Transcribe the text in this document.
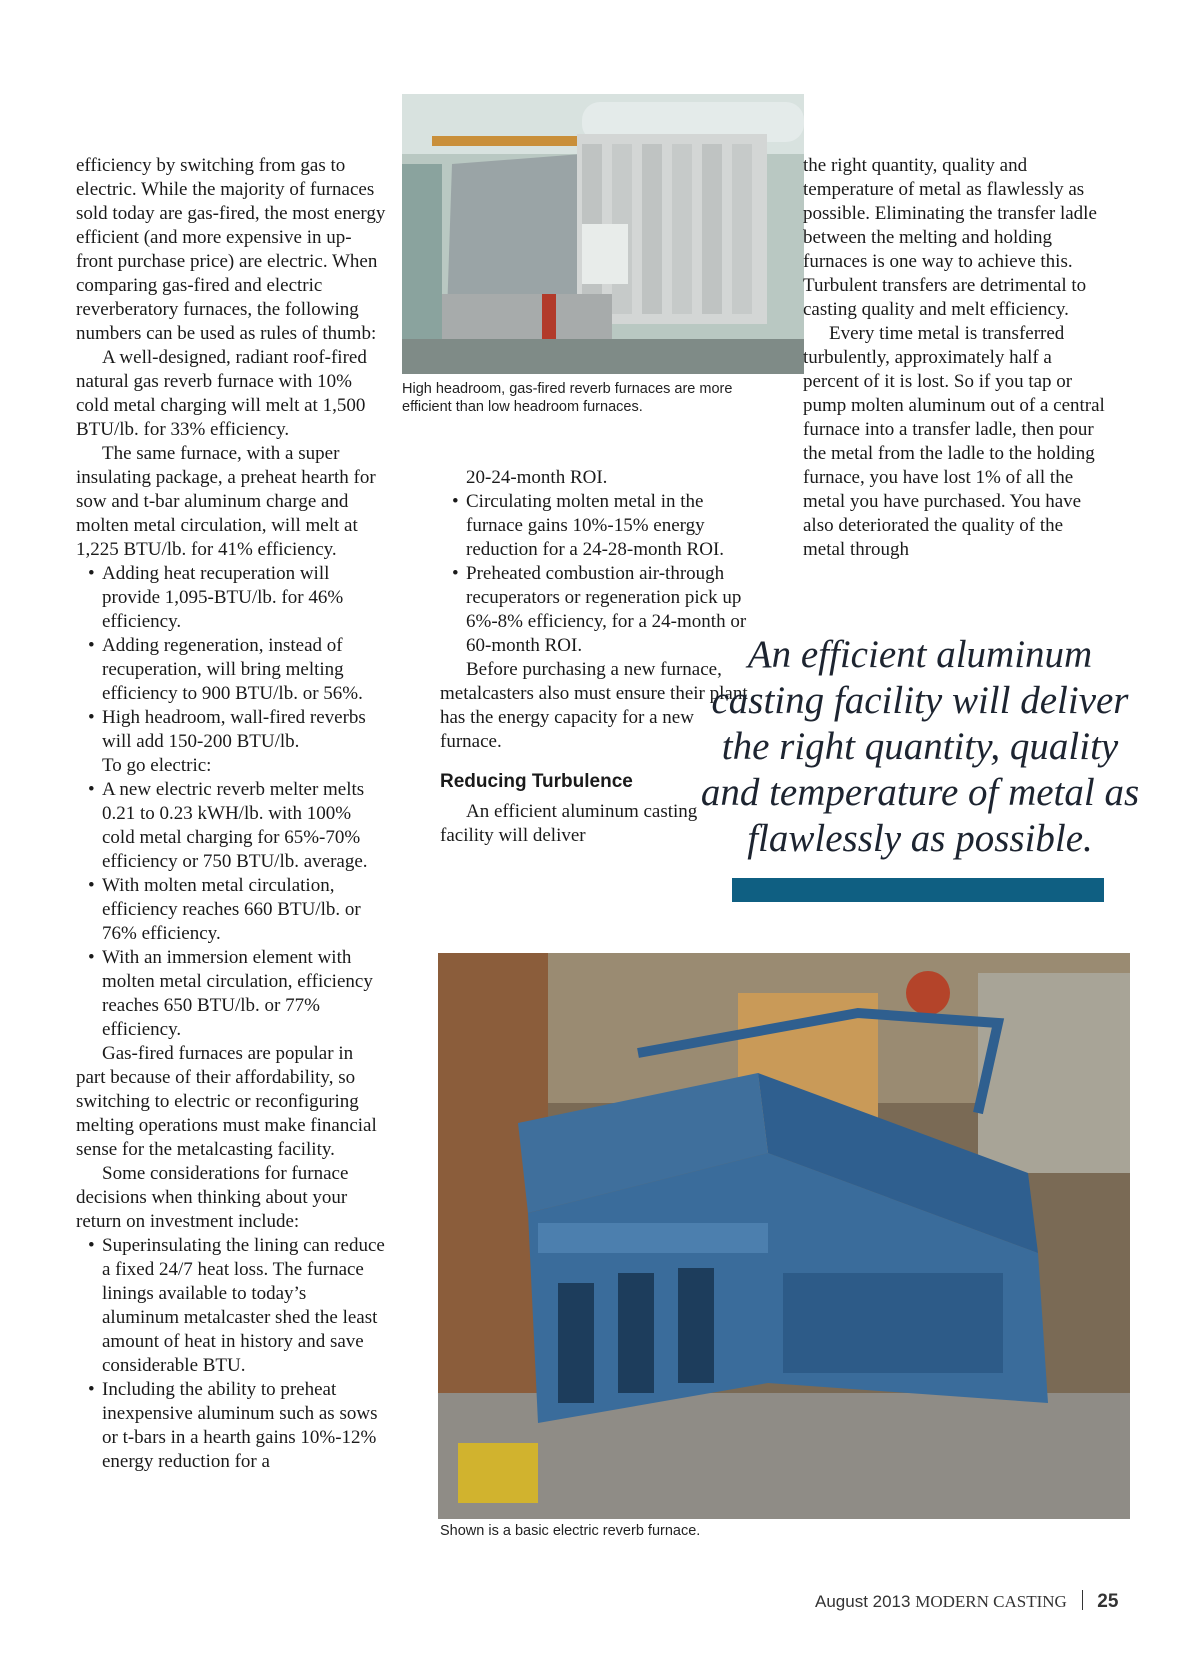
efficiency by switching from gas to electric. While the majority of furnaces sold today are gas-fired, the most energy efficient (and more expensive in up-front purchase price) are electric. When comparing gas-fired and electric reverberatory furnaces, the following numbers can be used as rules of thumb:

A well-designed, radiant roof-fired natural gas reverb furnace with 10% cold metal charging will melt at 1,500 BTU/lb. for 33% efficiency.

The same furnace, with a super insulating package, a preheat hearth for sow and t-bar aluminum charge and molten metal circulation, will melt at 1,225 BTU/lb. for 41% efficiency.

• Adding heat recuperation will provide 1,095-BTU/lb. for 46% efficiency.
• Adding regeneration, instead of recuperation, will bring melting efficiency to 900 BTU/lb. or 56%.
• High headroom, wall-fired reverbs will add 150-200 BTU/lb.

To go electric:

• A new electric reverb melter melts 0.21 to 0.23 kWH/lb. with 100% cold metal charging for 65%-70% efficiency or 750 BTU/lb. average.
• With molten metal circulation, efficiency reaches 660 BTU/lb. or 76% efficiency.
• With an immersion element with molten metal circulation, efficiency reaches 650 BTU/lb. or 77% efficiency.

Gas-fired furnaces are popular in part because of their affordability, so switching to electric or reconfiguring melting operations must make financial sense for the metalcasting facility.

Some considerations for furnace decisions when thinking about your return on investment include:

• Superinsulating the lining can reduce a fixed 24/7 heat loss. The furnace linings available to today’s aluminum metalcaster shed the least amount of heat in history and save considerable BTU.
• Including the ability to preheat inexpensive aluminum such as sows or t-bars in a hearth gains 10%-12% energy reduction for a
High headroom, gas-fired reverb furnaces are more efficient than low headroom furnaces.

20-24-month ROI.

• Circulating molten metal in the furnace gains 10%-15% energy reduction for a 24-28-month ROI.
• Preheated combustion air-through recuperators or regeneration pick up 6%-8% efficiency, for a 24-month or 60-month ROI.

Before purchasing a new furnace, metalcasters also must ensure their plant has the energy capacity for a new furnace.

Reducing Turbulence

An efficient aluminum casting facility will deliver

the right quantity, quality and temperature of metal as flawlessly as possible. Eliminating the transfer ladle between the melting and holding furnaces is one way to achieve this. Turbulent transfers are detrimental to casting quality and melt efficiency.

Every time metal is transferred turbulently, approximately half a percent of it is lost. So if you tap or pump molten aluminum out of a central furnace into a transfer ladle, then pour the metal from the ladle to the holding furnace, you have lost 1% of all the metal you have purchased. You have also deteriorated the quality of the metal through

An efficient aluminum casting facility will deliver the right quantity, quality and temperature of metal as flawlessly as possible.
Shown is a basic electric reverb furnace.
August 2013 MODERN CASTING 25
